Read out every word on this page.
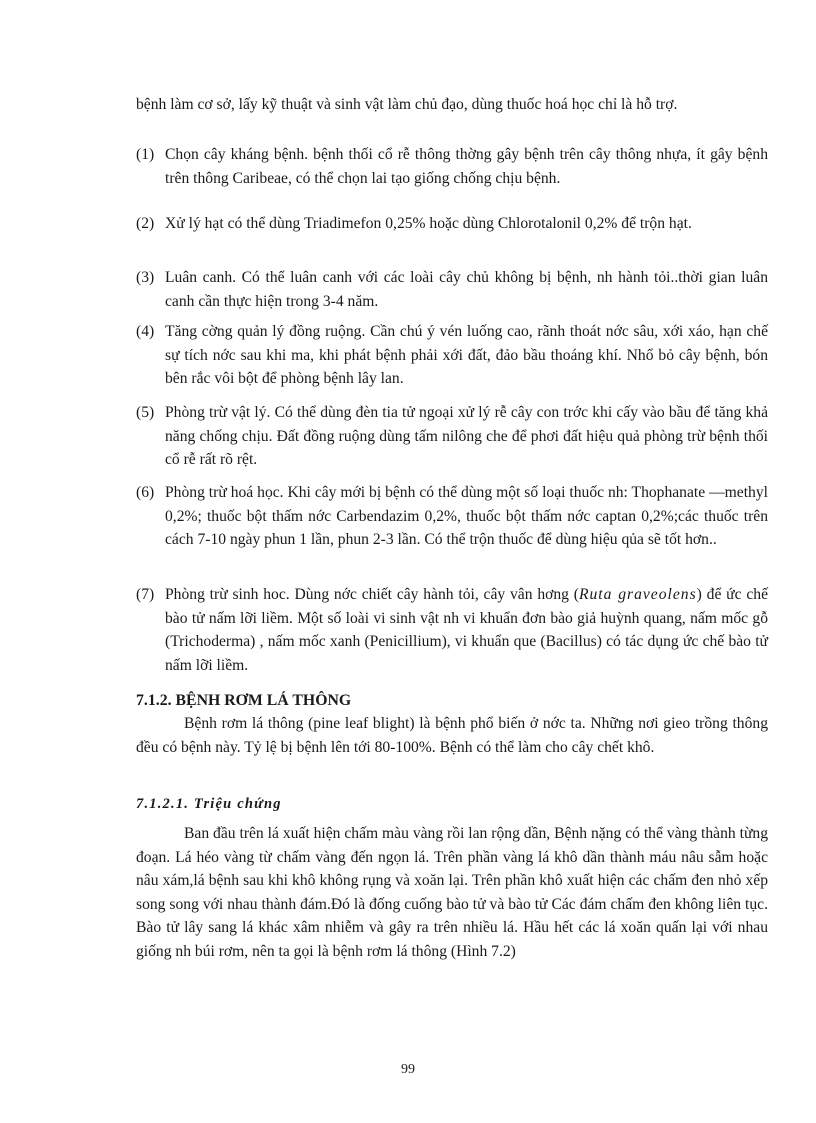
bệnh làm cơ sở, lấy kỹ thuật và sinh vật làm chủ đạo, dùng thuốc hoá học chỉ là hỗ trợ.

(1) Chọn cây kháng bệnh. bệnh thối cổ rễ thông thờng gây bệnh trên cây thông nhựa, ít gây bệnh trên thông Caribeae, có thể chọn lai tạo giống chống chịu bệnh.
(2) Xử lý hạt có thể dùng Triadimefon 0,25% hoặc dùng Chlorotalonil 0,2% để trộn hạt.
(3) Luân canh. Có thể luân canh với các loài cây chủ không bị bệnh, nh hành tỏi..thời gian luân canh cần thực hiện trong 3-4 năm.
(4) Tăng cờng quản lý đồng ruộng. Cần chú ý vén luống cao, rãnh thoát nớc sâu, xới xáo, hạn chế sự tích nớc sau khi ma, khi phát bệnh phải xới đất, đảo bầu thoáng khí. Nhổ bỏ cây bệnh, bón bên rắc vôi bột để phòng bệnh lây lan.
(5) Phòng trừ vật lý. Có thể dùng đèn tia tử ngoại xử lý rễ cây con trớc khi cấy vào bầu để tăng khả năng chống chịu. Đất đồng ruộng dùng tấm nilông che để phơi đất hiệu quả phòng trừ bệnh thối cổ rễ rất rõ rệt.
(6) Phòng trừ hoá học. Khi cây mới bị bệnh có thể dùng một số loại thuốc nh: Thophanate —methyl 0,2%; thuốc bột thấm nớc Carbendazim 0,2%, thuốc bột thấm nớc captan 0,2%;các thuốc trên cách 7-10 ngày phun 1 lần, phun 2-3 lần. Có thể trộn thuốc để dùng hiệu qủa sẽ tốt hơn..
(7) Phòng trừ sinh hoc. Dùng nớc chiết cây hành tỏi, cây vân hơng (Ruta graveolens) để ức chế bào tử nấm lỡi liềm. Một số loài vi sinh vật nh vi khuẩn đơn bào giả huỳnh quang, nấm mốc gỗ (Trichoderma) , nấm mốc xanh (Penicillium), vi khuẩn que (Bacillus) có tác dụng ức chế bào tử nấm lỡi liềm.
7.1.2. BỆNH RƠM LÁ THÔNG

Bệnh rơm lá thông (pine leaf blight) là bệnh phổ biến ở nớc ta. Những nơi gieo trồng thông đều có bệnh này. Tỷ lệ bị bệnh lên tới 80-100%. Bệnh có thể làm cho cây chết khô.

7.1.2.1. Triệu chứng

Ban đầu trên lá xuất hiện chấm màu vàng rồi lan rộng dần, Bệnh nặng có thể vàng thành từng đoạn. Lá héo vàng từ chấm vàng đến ngọn lá. Trên phần vàng lá khô dần thành máu nâu sẫm hoặc nâu xám,lá bệnh sau khi khô không rụng và xoăn lại. Trên phần khô xuất hiện các chấm đen nhỏ xếp song song với nhau thành đám.Đó là đống cuống bào tử và bào tử Các đám chấm đen không liên tục. Bào tử lây sang lá khác xâm nhiễm và gây ra trên nhiều lá. Hầu hết các lá xoăn quấn lại với nhau giống nh búi rơm, nên ta gọi là bệnh rơm lá thông (Hình 7.2)

99
